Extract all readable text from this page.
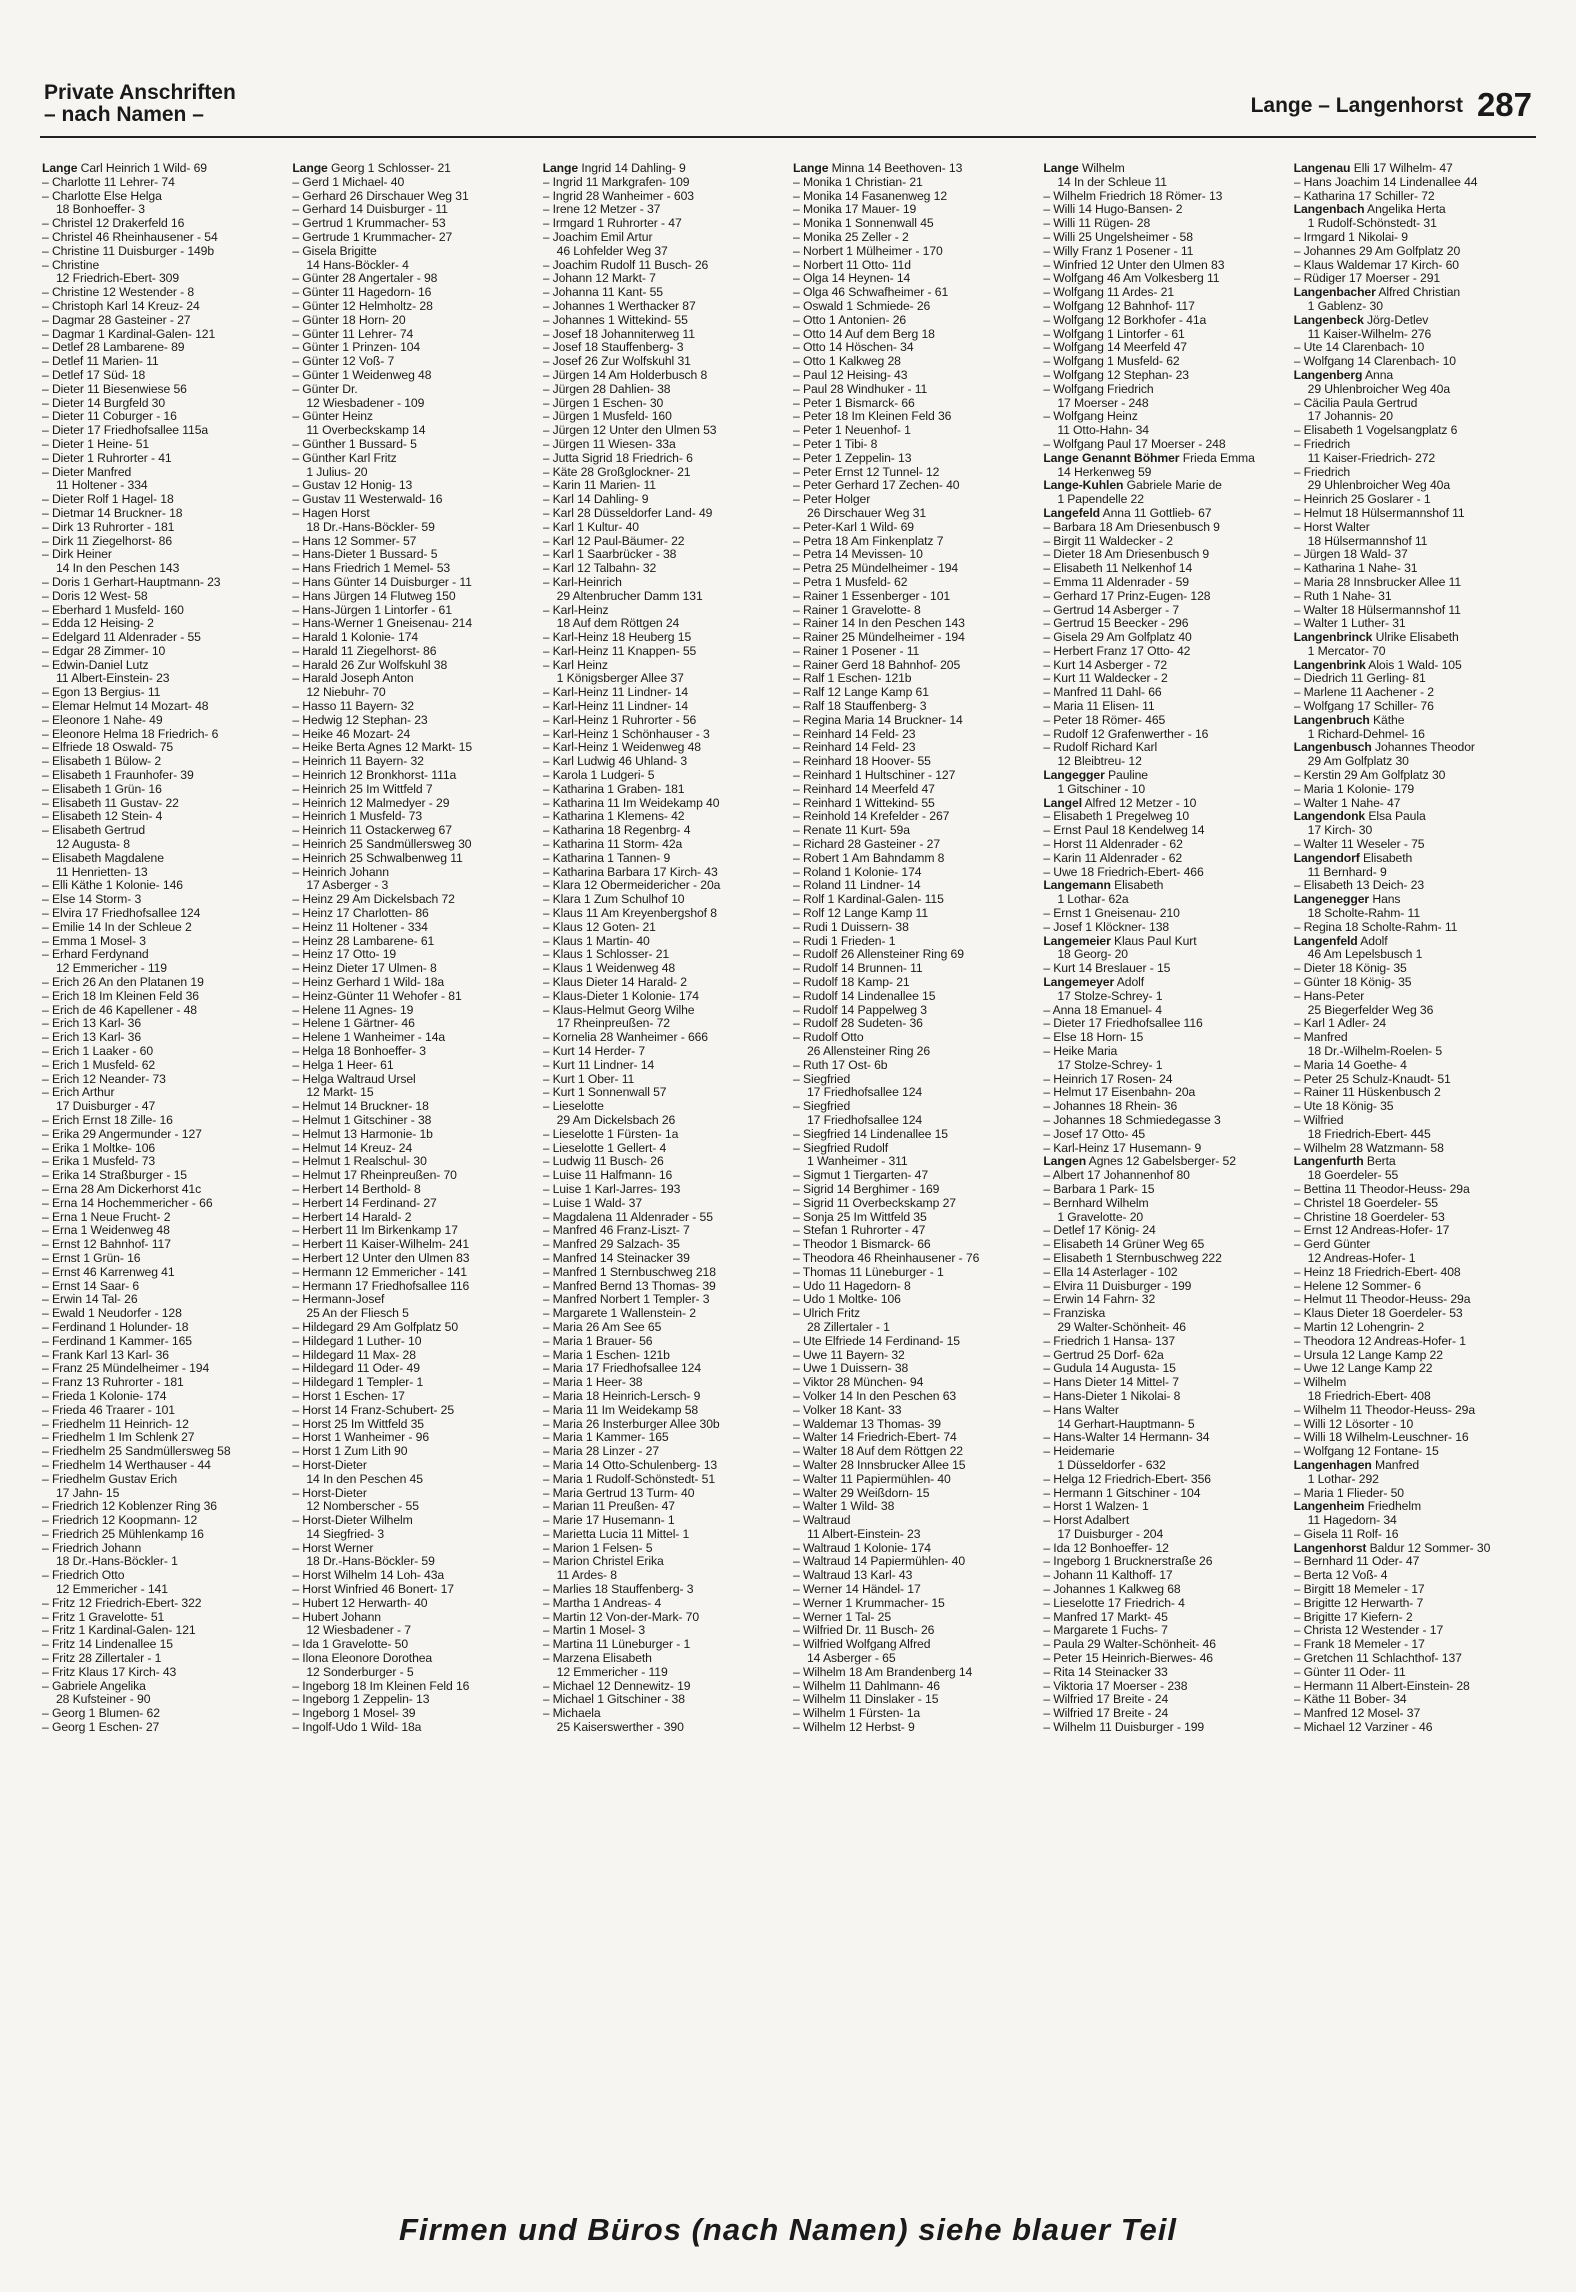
Private Anschriften
– nach Namen –	Lange – Langenhorst 287
Lange Carl Heinrich 1 Wild- 69
– Charlotte 11 Lehrer- 74
– Charlotte Else Helga
18 Bonhoeffer- 3
– Christel 12 Drakerfeld 16
– Christel 46 Rheinhausener - 54
– Christine 11 Duisburger - 149b
– Christine
12 Friedrich-Ebert- 309
– Christine 12 Westender - 8
– Christoph Karl 14 Kreuz- 24
– Dagmar 28 Gasteiner - 27
– Dagmar 1 Kardinal-Galen- 121
– Detlef 28 Lambarene- 89
– Detlef 11 Marien- 11
– Detlef 17 Süd- 18
– Dieter 11 Biesenwiese 56
– Dieter 14 Burgfeld 30
– Dieter 11 Coburger - 16
– Dieter 17 Friedhofsallee 115a
– Dieter 1 Heine- 51
– Dieter 1 Ruhrorter - 41
– Dieter Manfred
11 Holtener - 334
– Dieter Rolf 1 Hagel- 18
– Dietmar 14 Bruckner- 18
– Dirk 13 Ruhrorter - 181
– Dirk 11 Ziegelhorst- 86
– Dirk Heiner
14 In den Peschen 143
– Doris 1 Gerhart-Hauptmann- 23
– Doris 12 West- 58
– Eberhard 1 Musfeld- 160
– Edda 12 Heising- 2
– Edelgard 11 Aldenrader - 55
– Edgar 28 Zimmer- 10
– Edwin-Daniel Lutz
11 Albert-Einstein- 23
– Egon 13 Bergius- 11
– Elemar Helmut 14 Mozart- 48
– Eleonore 1 Nahe- 49
– Eleonore Helma 18 Friedrich- 6
– Elfriede 18 Oswald- 75
– Elisabeth 1 Bülow- 2
– Elisabeth 1 Fraunhofer- 39
– Elisabeth 1 Grün- 16
– Elisabeth 11 Gustav- 22
– Elisabeth 12 Stein- 4
– Elisabeth Gertrud
12 Augusta- 8
– Elisabeth Magdalene
11 Henrietten- 13
– Elli Käthe 1 Kolonie- 146
– Else 14 Storm- 3
– Elvira 17 Friedhofsallee 124
– Emilie 14 In der Schleue 2
– Emma 1 Mosel- 3
– Erhard Ferdynand
12 Emmericher - 119
– Erich 26 An den Platanen 19
– Erich 18 Im Kleinen Feld 36
– Erich de 46 Kapellener - 48
– Erich 13 Karl- 36
– Erich 13 Karl- 36
– Erich 1 Laaker - 60
– Erich 1 Musfeld- 62
– Erich 12 Neander- 73
– Erich Arthur
17 Duisburger - 47
– Erich Ernst 18 Zille- 16
– Erika 29 Angermunder - 127
– Erika 1 Moltke- 106
– Erika 1 Musfeld- 73
– Erika 14 Straßburger - 15
– Erna 28 Am Dickerhorst 41c
– Erna 14 Hochemmericher - 66
– Erna 1 Neue Frucht- 2
– Erna 1 Weidenweg 48
– Ernst 12 Bahnhof- 117
– Ernst 1 Grün- 16
– Ernst 46 Karrenweg 41
– Ernst 14 Saar- 6
– Erwin 14 Tal- 26
– Ewald 1 Neudorfer - 128
– Ferdinand 1 Holunder- 18
– Ferdinand 1 Kammer- 165
– Frank Karl 13 Karl- 36
– Franz 25 Mündelheimer - 194
– Franz 13 Ruhrorter - 181
– Frieda 1 Kolonie- 174
– Frieda 46 Traarer - 101
– Friedhelm 11 Heinrich- 12
– Friedhelm 1 Im Schlenk 27
– Friedhelm 25 Sandmüllersweg 58
– Friedhelm 14 Werthauser - 44
– Friedhelm Gustav Erich
17 Jahn- 15
– Friedrich 12 Koblenzer Ring 36
– Friedrich 12 Koopmann- 12
– Friedrich 25 Mühlenkamp 16
– Friedrich Johann
18 Dr.-Hans-Böckler- 1
– Friedrich Otto
12 Emmericher - 141
– Fritz 12 Friedrich-Ebert- 322
– Fritz 1 Gravelotte- 51
– Fritz 1 Kardinal-Galen- 121
– Fritz 14 Lindenallee 15
– Fritz 28 Zillertaler - 1
– Fritz Klaus 17 Kirch- 43
– Gabriele Angelika
28 Kufsteiner - 90
– Georg 1 Blumen- 62
– Georg 1 Eschen- 27
Lange Georg 1 Schlosser- 21
– Gerd 1 Michael- 40
– Gerhard 26 Dirschauer Weg 31
– Gerhard 14 Duisburger - 11
– Gertrud 1 Krummacher- 53
– Gertrude 1 Krummacher- 27
– Gisela Brigitte
14 Hans-Böckler- 4
– Günter 28 Angertaler - 98
– Günter 11 Hagedorn- 16
– Günter 12 Helmholtz- 28
– Günter 18 Horn- 20
– Günter 11 Lehrer- 74
– Günter 1 Prinzen- 104
– Günter 12 Voß- 7
– Günter 1 Weidenweg 48
– Günter Dr.
12 Wiesbadener - 109
– Günter Heinz
11 Overbeckskamp 14
– Günther 1 Bussard- 5
– Günther Karl Fritz
1 Julius- 20
– Gustav 12 Honig- 13
– Gustav 11 Westerwald- 16
– Hagen Horst
18 Dr.-Hans-Böckler- 59
– Hans 12 Sommer- 57
– Hans-Dieter 1 Bussard- 5
– Hans Friedrich 1 Memel- 53
– Hans Günter 14 Duisburger - 11
– Hans Jürgen 14 Flutweg 150
– Hans-Jürgen 1 Lintorfer - 61
– Hans-Werner 1 Gneisenau- 214
– Harald 1 Kolonie- 174
– Harald 11 Ziegelhorst- 86
– Harald 26 Zur Wolfskuhl 38
– Harald Joseph Anton
12 Niebuhr- 70
– Hasso 11 Bayern- 32
– Hedwig 12 Stephan- 23
– Heike 46 Mozart- 24
– Heike Berta Agnes 12 Markt- 15
– Heinrich 11 Bayern- 32
– Heinrich 12 Bronkhorst- 111a
– Heinrich 25 Im Wittfeld 7
– Heinrich 12 Malmedyer - 29
– Heinrich 1 Musfeld- 73
– Heinrich 11 Ostackerweg 67
– Heinrich 25 Sandmüllersweg 30
– Heinrich 25 Schwalbenweg 11
– Heinrich Johann
17 Asberger - 3
– Heinz 29 Am Dickelsbach 72
– Heinz 17 Charlotten- 86
– Heinz 11 Holtener - 334
– Heinz 28 Lambarene- 61
– Heinz 17 Otto- 19
– Heinz Dieter 17 Ulmen- 8
– Heinz Gerhard 1 Wild- 18a
– Heinz-Günter 11 Wehofer - 81
– Helene 11 Agnes- 19
– Helene 1 Gärtner- 46
– Helene 1 Wanheimer - 14a
– Helga 18 Bonhoeffer- 3
– Helga 1 Heer- 61
– Helga Waltraud Ursel
12 Markt- 15
– Helmut 14 Bruckner- 18
– Helmut 1 Gitschiner - 38
– Helmut 13 Harmonie- 1b
– Helmut 14 Kreuz- 24
– Helmut 1 Realschul- 30
– Helmut 17 Rheinpreußen- 70
– Herbert 14 Berthold- 8
– Herbert 14 Ferdinand- 27
– Herbert 14 Harald- 2
– Herbert 11 Im Birkenkamp 17
– Herbert 11 Kaiser-Wilhelm- 241
– Herbert 12 Unter den Ulmen 83
– Hermann 12 Emmericher - 141
– Hermann 17 Friedhofsallee 116
– Hermann-Josef
25 An der Fliesch 5
– Hildegard 29 Am Golfplatz 50
– Hildegard 1 Luther- 10
– Hildegard 11 Max- 28
– Hildegard 11 Oder- 49
– Hildegard 1 Templer- 1
– Horst 1 Eschen- 17
– Horst 14 Franz-Schubert- 25
– Horst 25 Im Wittfeld 35
– Horst 1 Wanheimer - 96
– Horst 1 Zum Lith 90
– Horst-Dieter
14 In den Peschen 45
– Horst-Dieter
12 Nomberscher - 55
– Horst-Dieter Wilhelm
14 Siegfried- 3
– Horst Werner
18 Dr.-Hans-Böckler- 59
– Horst Wilhelm 14 Loh- 43a
– Horst Winfried 46 Bonert- 17
– Hubert 12 Herwarth- 40
– Hubert Johann
12 Wiesbadener - 7
– Ida 1 Gravelotte- 50
– Ilona Eleonore Dorothea
12 Sonderburger - 5
– Ingeborg 18 Im Kleinen Feld 16
– Ingeborg 1 Zeppelin- 13
– Ingeborg 1 Mosel- 39
– Ingolf-Udo 1 Wild- 18a
Lange Ingrid 14 Dahling- 9
– Ingrid 11 Markgrafen- 109
– Ingrid 28 Wanheimer - 603
– Irene 12 Metzer - 37
– Irmgard 1 Ruhrorter - 47
– Joachim Emil Artur
46 Lohfelder Weg 37
– Joachim Rudolf 11 Busch- 26
– Johann 12 Markt- 7
– Johanna 11 Kant- 55
– Johannes 1 Werthacker 87
– Johannes 1 Wittekind- 55
– Josef 18 Johanniterweg 11
– Josef 18 Stauffenberg- 3
– Josef 26 Zur Wolfskuhl 31
– Jürgen 14 Am Holderbusch 8
– Jürgen 28 Dahlien- 38
– Jürgen 1 Eschen- 30
– Jürgen 1 Musfeld- 160
– Jürgen 12 Unter den Ulmen 53
– Jürgen 11 Wiesen- 33a
– Jutta Sigrid 18 Friedrich- 6
– Käte 28 Großglockner- 21
– Karin 11 Marien- 11
– Karl 14 Dahling- 9
– Karl 28 Düsseldorfer Land- 49
– Karl 1 Kultur- 40
– Karl 12 Paul-Bäumer- 22
– Karl 1 Saarbrücker - 38
– Karl 12 Talbahn- 32
– Karl-Heinrich
29 Altenbrucher Damm 131
– Karl-Heinz
18 Auf dem Röttgen 24
– Karl-Heinz 18 Heuberg 15
– Karl-Heinz 11 Knappen- 55
– Karl Heinz
1 Königsberger Allee 37
– Karl-Heinz 11 Lindner- 14
– Karl-Heinz 11 Lindner- 14
– Karl-Heinz 1 Ruhrorter - 56
– Karl-Heinz 1 Schönhauser - 3
– Karl-Heinz 1 Weidenweg 48
– Karl Ludwig 46 Uhland- 3
– Karola 1 Ludgeri- 5
– Katharina 1 Graben- 181
– Katharina 11 Im Weidekamp 40
– Katharina 1 Klemens- 42
– Katharina 18 Regenbrg- 4
– Katharina 11 Storm- 42a
– Katharina 1 Tannen- 9
– Katharina Barbara 17 Kirch- 43
– Klara 12 Obermeidericher - 20a
– Klara 1 Zum Schulhof 10
– Klaus 11 Am Kreyenbergshof 8
– Klaus 12 Goten- 21
– Klaus 1 Martin- 40
– Klaus 1 Schlosser- 21
– Klaus 1 Weidenweg 48
– Klaus Dieter 14 Harald- 2
– Klaus-Dieter 1 Kolonie- 174
– Klaus-Helmut Georg Wilhe
17 Rheinpreußen- 72
– Kornelia 28 Wanheimer - 666
– Kurt 14 Herder- 7
– Kurt 11 Lindner- 14
– Kurt 1 Ober- 11
– Kurt 1 Sonnenwall 57
– Lieselotte
29 Am Dickelsbach 26
– Lieselotte 1 Fürsten- 1a
– Lieselotte 1 Gellert- 4
– Ludwig 11 Busch- 26
– Luise 11 Halfmann- 16
– Luise 1 Karl-Jarres- 193
– Luise 1 Wald- 37
– Magdalena 11 Aldenrader - 55
– Manfred 46 Franz-Liszt- 7
– Manfred 29 Salzach- 35
– Manfred 14 Steinacker 39
– Manfred 1 Sternbuschweg 218
– Manfred Bernd 13 Thomas- 39
– Manfred Norbert 1 Templer- 3
– Margarete 1 Wallenstein- 2
– Maria 26 Am See 65
– Maria 1 Brauer- 56
– Maria 1 Eschen- 121b
– Maria 17 Friedhofsallee 124
– Maria 1 Heer- 38
– Maria 18 Heinrich-Lersch- 9
– Maria 11 Im Weidekamp 58
– Maria 26 Insterburger Allee 30b
– Maria 1 Kammer- 165
– Maria 28 Linzer - 27
– Maria 14 Otto-Schulenberg- 13
– Maria 1 Rudolf-Schönstedt- 51
– Maria Gertrud 13 Turm- 40
– Marian 11 Preußen- 47
– Marie 17 Husemann- 1
– Marietta Lucia 11 Mittel- 1
– Marion 1 Felsen- 5
– Marion Christel Erika
11 Ardes- 8
– Marlies 18 Stauffenberg- 3
– Martha 1 Andreas- 4
– Martin 12 Von-der-Mark- 70
– Martin 1 Mosel- 3
– Martina 11 Lüneburger - 1
– Marzena Elisabeth
12 Emmericher - 119
– Michael 12 Dennewitz- 19
– Michael 1 Gitschiner - 38
– Michaela
25 Kaiserswerther - 390
Lange Minna 14 Beethoven- 13
– Monika 1 Christian- 21
– Monika 14 Fasanenweg 12
– Monika 17 Mauer- 19
– Monika 1 Sonnenwall 45
– Monika 25 Zeller - 2
– Norbert 1 Mülheimer - 170
– Norbert 11 Otto- 11d
– Olga 14 Heynen- 14
– Olga 46 Schwafheimer - 61
– Oswald 1 Schmiede- 26
– Otto 1 Antonien- 26
– Otto 14 Auf dem Berg 18
– Otto 14 Höschen- 34
– Otto 1 Kalkweg 28
– Paul 12 Heising- 43
– Paul 28 Windhuker - 11
– Peter 1 Bismarck- 66
– Peter 18 Im Kleinen Feld 36
– Peter 1 Neuenhof- 1
– Peter 1 Tibi- 8
– Peter 1 Zeppelin- 13
– Peter Ernst 12 Tunnel- 12
– Peter Gerhard 17 Zechen- 40
– Peter Holger
26 Dirschauer Weg 31
– Peter-Karl 1 Wild- 69
– Petra 18 Am Finkenplatz 7
– Petra 14 Mevissen- 10
– Petra 25 Mündelheimer - 194
– Petra 1 Musfeld- 62
– Rainer 1 Essenberger - 101
– Rainer 1 Gravelotte- 8
– Rainer 14 In den Peschen 143
– Rainer 25 Mündelheimer - 194
– Rainer 1 Posener - 11
– Rainer Gerd 18 Bahnhof- 205
– Ralf 1 Eschen- 121b
– Ralf 12 Lange Kamp 61
– Ralf 18 Stauffenberg- 3
– Regina Maria 14 Bruckner- 14
– Reinhard 14 Feld- 23
– Reinhard 14 Feld- 23
– Reinhard 18 Hoover- 55
– Reinhard 1 Hultschiner - 127
– Reinhard 14 Meerfeld 47
– Reinhard 1 Wittekind- 55
– Reinhold 14 Krefelder - 267
– Renate 11 Kurt- 59a
– Richard 28 Gasteiner - 27
– Robert 1 Am Bahndamm 8
– Roland 1 Kolonie- 174
– Roland 11 Lindner- 14
– Rolf 1 Kardinal-Galen- 115
– Rolf 12 Lange Kamp 11
– Rudi 1 Duissern- 38
– Rudi 1 Frieden- 1
– Rudolf 26 Allensteiner Ring 69
– Rudolf 14 Brunnen- 11
– Rudolf 18 Kamp- 21
– Rudolf 14 Lindenallee 15
– Rudolf 14 Pappelweg 3
– Rudolf 28 Sudeten- 36
– Rudolf Otto
26 Allensteiner Ring 26
– Ruth 17 Ost- 6b
– Siegfried
17 Friedhofsallee 124
– Siegfried
17 Friedhofsallee 124
– Siegfried 14 Lindenallee 15
– Siegfried Rudolf
1 Wanheimer - 311
– Sigmut 1 Tiergarten- 47
– Sigrid 14 Berghimer - 169
– Sigrid 11 Overbeckskamp 27
– Sonja 25 Im Wittfeld 35
– Stefan 1 Ruhrorter - 47
– Theodor 1 Bismarck- 66
– Theodora 46 Rheinhausener - 76
– Thomas 11 Lüneburger - 1
– Udo 11 Hagedorn- 8
– Udo 1 Moltke- 106
– Ulrich Fritz
28 Zillertaler - 1
– Ute Elfriede 14 Ferdinand- 15
– Uwe 11 Bayern- 32
– Uwe 1 Duissern- 38
– Viktor 28 München- 94
– Volker 14 In den Peschen 63
– Volker 18 Kant- 33
– Waldemar 13 Thomas- 39
– Walter 14 Friedrich-Ebert- 74
– Walter 18 Auf dem Röttgen 22
– Walter 28 Innsbrucker Allee 15
– Walter 11 Papiermühlen- 40
– Walter 29 Weißdorn- 15
– Walter 1 Wild- 38
– Waltraud
11 Albert-Einstein- 23
– Waltraud 1 Kolonie- 174
– Waltraud 14 Papiermühlen- 40
– Waltraud 13 Karl- 43
– Werner 14 Händel- 17
– Werner 1 Krummacher- 15
– Werner 1 Tal- 25
– Wilfried Dr. 11 Busch- 26
– Wilfried Wolfgang Alfred
14 Asberger - 65
– Wilhelm 18 Am Brandenberg 14
– Wilhelm 11 Dahlmann- 46
– Wilhelm 11 Dinslaker - 15
– Wilhelm 1 Fürsten- 1a
– Wilhelm 12 Herbst- 9
Lange Wilhelm
14 In der Schleue 11
– Wilhelm Friedrich 18 Römer- 13
– Willi 14 Hugo-Bansen- 2
– Willi 11 Rügen- 28
– Willi 25 Ungelsheimer - 58
– Willy Franz 1 Posener - 11
– Winfried 12 Unter den Ulmen 83
– Wolfgang 46 Am Volkesberg 11
– Wolfgang 11 Ardes- 21
– Wolfgang 12 Bahnhof- 117
– Wolfgang 12 Borkhofer - 41a
– Wolfgang 1 Lintorfer - 61
– Wolfgang 14 Meerfeld 47
– Wolfgang 1 Musfeld- 62
– Wolfgang 12 Stephan- 23
– Wolfgang Friedrich
17 Moerser - 248
– Wolfgang Heinz
11 Otto-Hahn- 34
– Wolfgang Paul 17 Moerser - 248
Lange Genannt Böhmer Frieda Emma
14 Herkenweg 59
Lange-Kuhlen Gabriele Marie de
1 Papendelle 22
Langefeld Anna 11 Gottlieb- 67
– Barbara 18 Am Driesenbusch 9
– Birgit 11 Waldecker - 2
– Dieter 18 Am Driesenbusch 9
– Elisabeth 11 Nelkenhof 14
– Emma 11 Aldenrader - 59
– Gerhard 17 Prinz-Eugen- 128
– Gertrud 14 Asberger - 7
– Gertrud 15 Beecker - 296
– Gisela 29 Am Golfplatz 40
– Herbert Franz 17 Otto- 42
– Kurt 14 Asberger - 72
– Kurt 11 Waldecker - 2
– Manfred 11 Dahl- 66
– Maria 11 Elisen- 11
– Peter 18 Römer- 465
– Rudolf 12 Grafenwerther - 16
– Rudolf Richard Karl
12 Bleibtreu- 12
Langegger Pauline
1 Gitschiner - 10
Langel Alfred 12 Metzer - 10
– Elisabeth 1 Pregelweg 10
– Ernst Paul 18 Kendelweg 14
– Horst 11 Aldenrader - 62
– Karin 11 Aldenrader - 62
– Uwe 18 Friedrich-Ebert- 466
Langemann Elisabeth
1 Lothar- 62a
– Ernst 1 Gneisenau- 210
– Josef 1 Klöckner- 138
Langemeier Klaus Paul Kurt
18 Georg- 20
– Kurt 14 Breslauer - 15
Langemeyer Adolf
17 Stolze-Schrey- 1
– Anna 18 Emanuel- 4
– Dieter 17 Friedhofsallee 116
– Else 18 Horn- 15
– Heike Maria
17 Stolze-Schrey- 1
– Heinrich 17 Rosen- 24
– Helmut 17 Eisenbahn- 20a
– Johannes 18 Rhein- 36
– Johannes 18 Schmiedegasse 3
– Josef 17 Otto- 45
– Karl-Heinz 17 Husemann- 9
Langen Agnes 12 Gabelsberger- 52
– Albert 17 Johannenhof 80
– Barbara 1 Park- 15
– Bernhard Wilhelm
1 Gravelotte- 20
– Detlef 17 König- 24
– Elisabeth 14 Grüner Weg 65
– Elisabeth 1 Sternbuschweg 222
– Ella 14 Asterlager - 102
– Elvira 11 Duisburger - 199
– Erwin 14 Fahrn- 32
– Franziska
29 Walter-Schönheit- 46
– Friedrich 1 Hansa- 137
– Gertrud 25 Dorf- 62a
– Gudula 14 Augusta- 15
– Hans Dieter 14 Mittel- 7
– Hans-Dieter 1 Nikolai- 8
– Hans Walter
14 Gerhart-Hauptmann- 5
– Hans-Walter 14 Hermann- 34
– Heidemarie
1 Düsseldorfer - 632
– Helga 12 Friedrich-Ebert- 356
– Hermann 1 Gitschiner - 104
– Horst 1 Walzen- 1
– Horst Adalbert
17 Duisburger - 204
– Ida 12 Bonhoeffer- 12
– Ingeborg 1 Brucknerstraße 26
– Johann 11 Kalthoff- 17
– Johannes 1 Kalkweg 68
– Lieselotte 17 Friedrich- 4
– Manfred 17 Markt- 45
– Margarete 1 Fuchs- 7
– Paula 29 Walter-Schönheit- 46
– Peter 15 Heinrich-Bierwes- 46
– Rita 14 Steinacker 33
– Viktoria 17 Moerser - 238
– Wilfried 17 Breite - 24
– Wilfried 17 Breite - 24
– Wilhelm 11 Duisburger - 199
Langenau Elli 17 Wilhelm- 47
– Hans Joachim 14 Lindenallee 44
– Katharina 17 Schiller- 72
Langenbach Angelika Herta
1 Rudolf-Schönstedt- 31
– Irmgard 1 Nikolai- 9
– Johannes 29 Am Golfplatz 20
– Klaus Waldemar 17 Kirch- 60
– Rüdiger 17 Moerser - 291
Langenbacher Alfred Christian
1 Gablenz- 30
Langenbeck Jörg-Detlev
11 Kaiser-Wilhelm- 276
– Ute 14 Clarenbach- 10
– Wolfgang 14 Clarenbach- 10
Langenberg Anna
29 Uhlenbroicher Weg 40a
– Cäcilia Paula Gertrud
17 Johannis- 20
– Elisabeth 1 Vogelsangplatz 6
– Friedrich
11 Kaiser-Friedrich- 272
– Friedrich
29 Uhlenbroicher Weg 40a
– Heinrich 25 Goslarer - 1
– Helmut 18 Hülsermannshof 11
– Horst Walter
18 Hülsermannshof 11
– Jürgen 18 Wald- 37
– Katharina 1 Nahe- 31
– Maria 28 Innsbrucker Allee 11
– Ruth 1 Nahe- 31
– Walter 18 Hülsermannshof 11
– Walter 1 Luther- 31
Langenbrinck Ulrike Elisabeth
1 Mercator- 70
Langenbrink Alois 1 Wald- 105
– Diedrich 11 Gerling- 81
– Marlene 11 Aachener - 2
– Wolfgang 17 Schiller- 76
Langenbruch Käthe
1 Richard-Dehmel- 16
Langenbusch Johannes Theodor
29 Am Golfplatz 30
– Kerstin 29 Am Golfplatz 30
– Maria 1 Kolonie- 179
– Walter 1 Nahe- 47
Langendonk Elsa Paula
17 Kirch- 30
– Walter 11 Weseler - 75
Langendorf Elisabeth
11 Bernhard- 9
– Elisabeth 13 Deich- 23
Langenegger Hans
18 Scholte-Rahm- 11
– Regina 18 Scholte-Rahm- 11
Langenfeld Adolf
46 Am Lepelsbusch 1
– Dieter 18 König- 35
– Günter 18 König- 35
– Hans-Peter
25 Biegerfelder Weg 36
– Karl 1 Adler- 24
– Manfred
18 Dr.-Wilhelm-Roelen- 5
– Maria 14 Goethe- 4
– Peter 25 Schulz-Knaudt- 51
– Rainer 11 Hüskenbusch 2
– Ute 18 König- 35
– Wilfried
18 Friedrich-Ebert- 445
– Wilhelm 28 Watzmann- 58
Langenfurth Berta
18 Goerdeler- 55
– Bettina 11 Theodor-Heuss- 29a
– Christel 18 Goerdeler- 55
– Christine 18 Goerdeler- 53
– Ernst 12 Andreas-Hofer- 17
– Gerd Günter
12 Andreas-Hofer- 1
– Heinz 18 Friedrich-Ebert- 408
– Helene 12 Sommer- 6
– Helmut 11 Theodor-Heuss- 29a
– Klaus Dieter 18 Goerdeler- 53
– Martin 12 Lohengrin- 2
– Theodora 12 Andreas-Hofer- 1
– Ursula 12 Lange Kamp 22
– Uwe 12 Lange Kamp 22
– Wilhelm
18 Friedrich-Ebert- 408
– Wilhelm 11 Theodor-Heuss- 29a
– Willi 12 Lösorter - 10
– Willi 18 Wilhelm-Leuschner- 16
– Wolfgang 12 Fontane- 15
Langenhagen Manfred
1 Lothar- 292
– Maria 1 Flieder- 50
Langenheim Friedhelm
11 Hagedorn- 34
– Gisela 11 Rolf- 16
Langenhorst Baldur 12 Sommer- 30
– Bernhard 11 Oder- 47
– Berta 12 Voß- 4
– Birgitt 18 Memeler - 17
– Brigitte 12 Herwarth- 7
– Brigitte 17 Kiefern- 2
– Christa 12 Westender - 17
– Frank 18 Memeler - 17
– Gretchen 11 Schlachthof- 137
– Günter 11 Oder- 11
– Hermann 11 Albert-Einstein- 28
– Käthe 11 Bober- 34
– Manfred 12 Mosel- 37
– Michael 12 Varziner - 46
Firmen und Büros (nach Namen) siehe blauer Teil
